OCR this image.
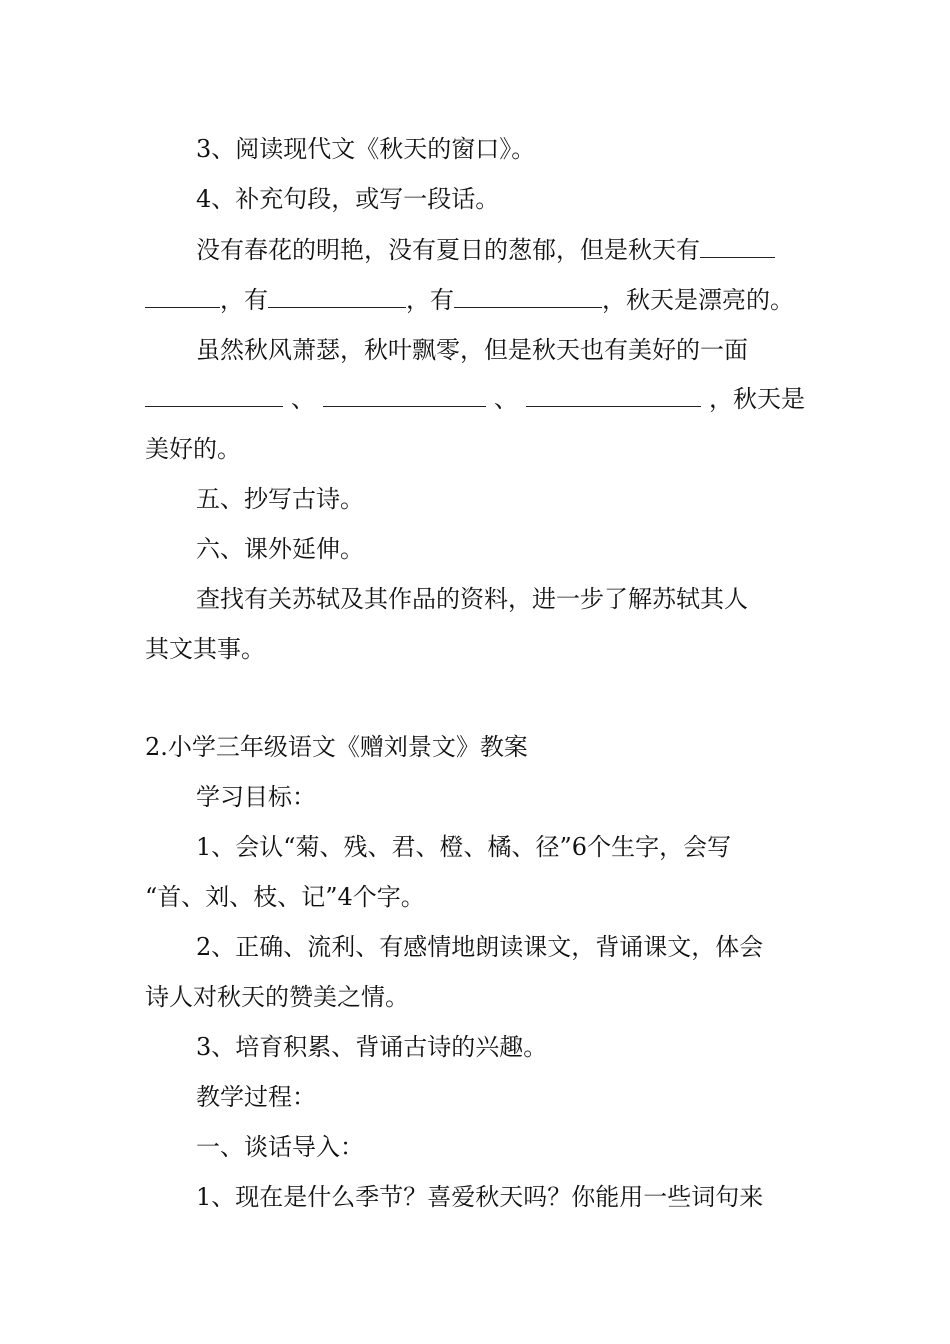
3、阅读现代文《秋天的窗口》。
4、补充句段，或写一段话。
没有春花的明艳，没有夏日的葱郁，但是秋天有
，有	，有	，秋天是漂亮的。
虽然秋风萧瑟，秋叶飘零，但是秋天也有美好的一面
、	、	，秋天是
美好的。
五、抄写古诗。
六、课外延伸。
查找有关苏轼及其作品的资料，进一步了解苏轼其人
其文其事。
2.小学三年级语文《赠刘景文》教案
学习目标：
1、会认“菊、残、君、橙、橘、径”6个生字，会写
“首、刘、枝、记”4个字。
2、正确、流利、有感情地朗读课文，背诵课文，体会
诗人对秋天的赞美之情。
3、培育积累、背诵古诗的兴趣。
教学过程：
一、谈话导入：
1、现在是什么季节？喜爱秋天吗？你能用一些词句来
